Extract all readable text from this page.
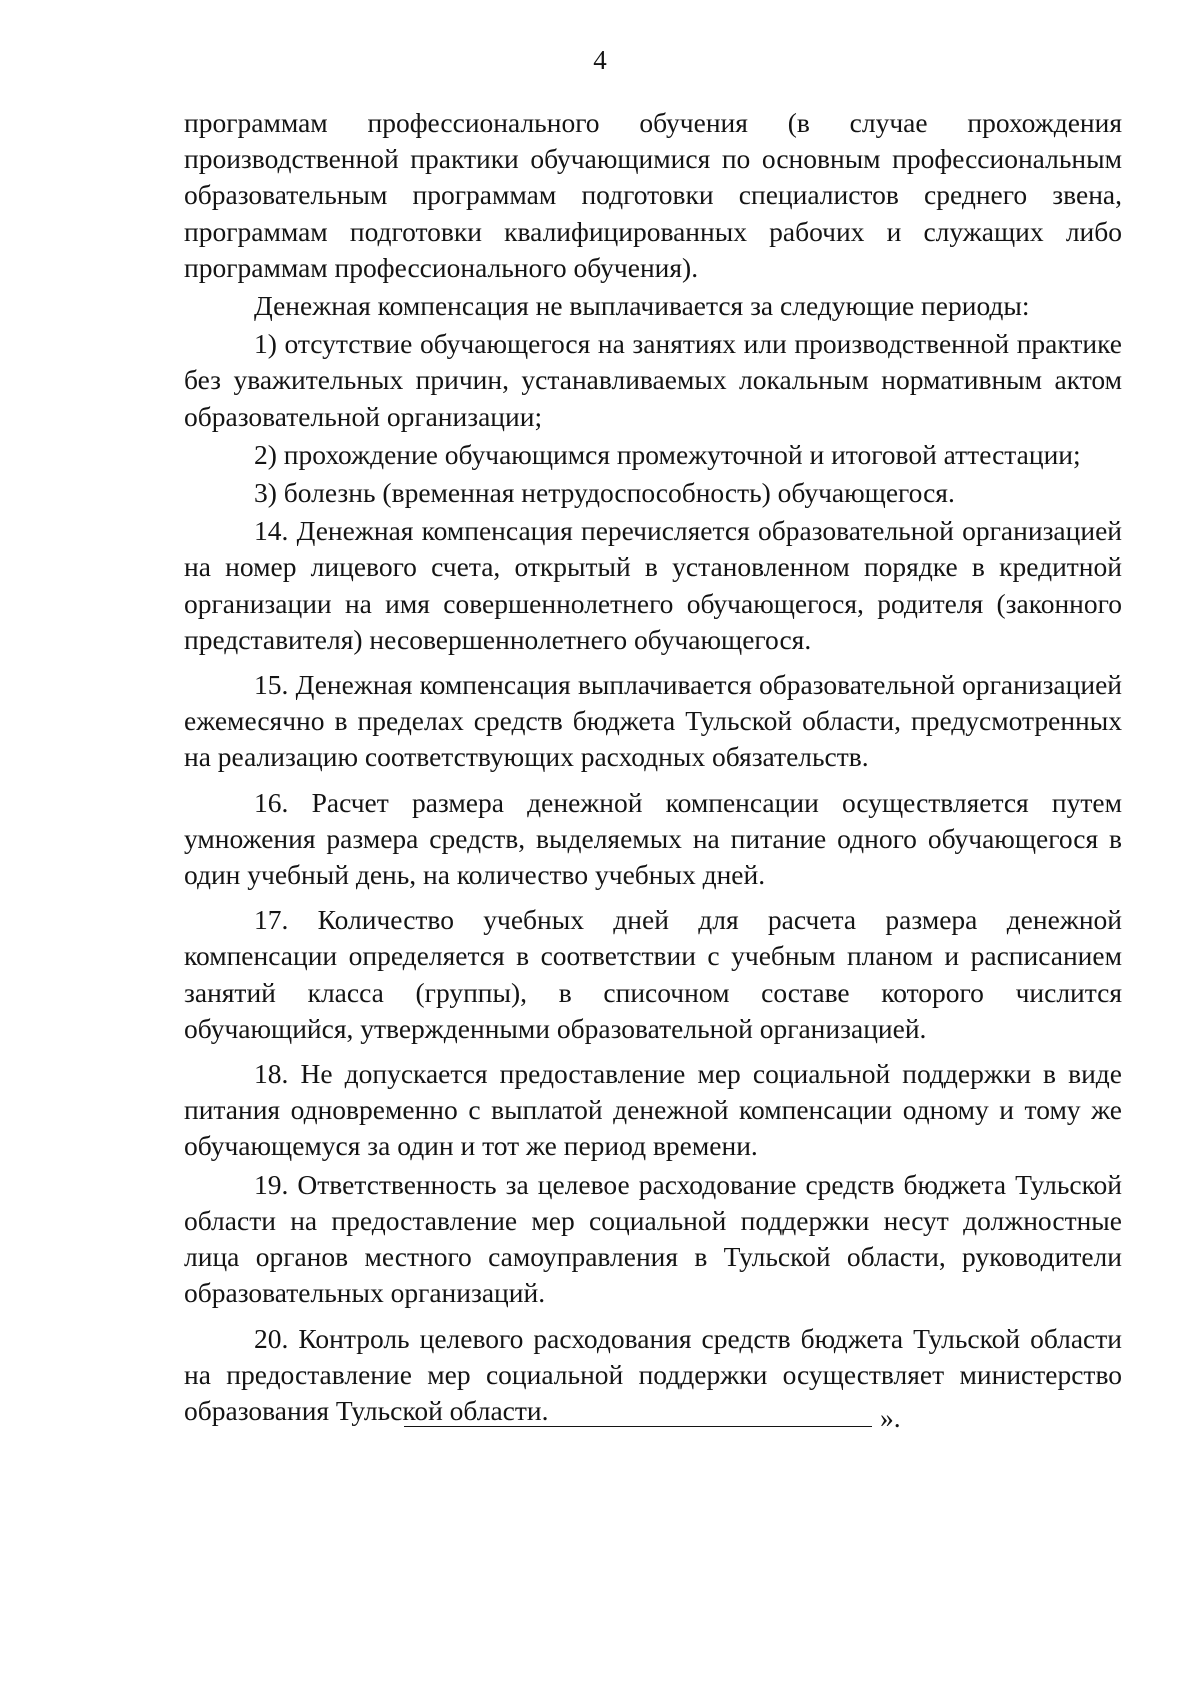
4

программам профессионального обучения (в случае прохождения производственной практики обучающимися по основным профессиональным образовательным программам подготовки специалистов среднего звена, программам подготовки квалифицированных рабочих и служащих либо программам профессионального обучения).

Денежная компенсация не выплачивается за следующие периоды:

1) отсутствие обучающегося на занятиях или производственной практике без уважительных причин, устанавливаемых локальным нормативным актом образовательной организации;

2) прохождение обучающимся промежуточной и итоговой аттестации;

3) болезнь (временная нетрудоспособность) обучающегося.

14. Денежная компенсация перечисляется образовательной организацией на номер лицевого счета, открытый в установленном порядке в кредитной организации на имя совершеннолетнего обучающегося, родителя (законного представителя) несовершеннолетнего обучающегося.

15. Денежная компенсация выплачивается образовательной организацией ежемесячно в пределах средств бюджета Тульской области, предусмотренных на реализацию соответствующих расходных обязательств.

16. Расчет размера денежной компенсации осуществляется путем умножения размера средств, выделяемых на питание одного обучающегося в один учебный день, на количество учебных дней.

17. Количество учебных дней для расчета размера денежной компенсации определяется в соответствии с учебным планом и расписанием занятий класса (группы), в списочном составе которого числится обучающийся, утвержденными образовательной организацией.

18. Не допускается предоставление мер социальной поддержки в виде питания одновременно с выплатой денежной компенсации одному и тому же обучающемуся за один и тот же период времени.

19. Ответственность за целевое расходование средств бюджета Тульской области на предоставление мер социальной поддержки несут должностные лица органов местного самоуправления в Тульской области, руководители образовательных организаций.

20. Контроль целевого расходования средств бюджета Тульской области на предоставление мер социальной поддержки осуществляет министерство образования Тульской области.	».
